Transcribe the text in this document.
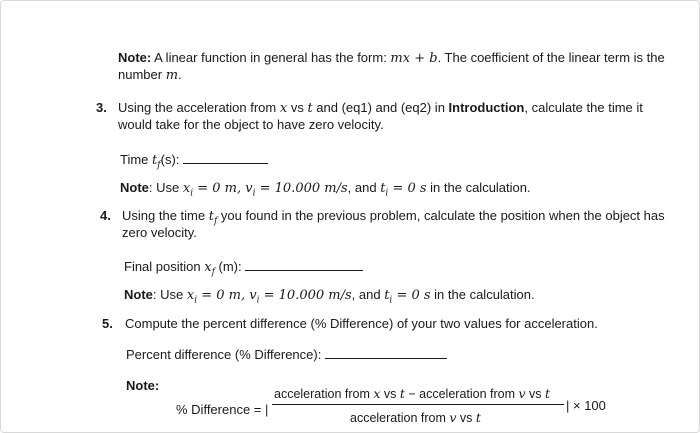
Note: A linear function in general has the form: mx + b. The coefficient of the linear term is the
number m.
3. Using the acceleration from x vs t and (eq1) and (eq2) in Introduction, calculate the time it
would take for the object to have zero velocity.
Time $t_f(s)$:
Note: Use $x_i = 0$ m, $v_i = 10.000$ m/s, and $t_i = 0$ s in the calculation.
4. Using the time $t_f$ you found in the previous problem, calculate the position when the object has
zero velocity.
Final position $x_f$ (m):
Note: Use $x_i = 0$ m, $v_i = 10.000$ m/s, and $t_i = 0$ s in the calculation.
5. Compute the percent difference (% Difference) of your two values for acceleration.
Percent difference (% Difference):
Note:
% Difference = |
acceleration from x vs t − acceleration from v vs t
acceleration from v vs t
| × 100
